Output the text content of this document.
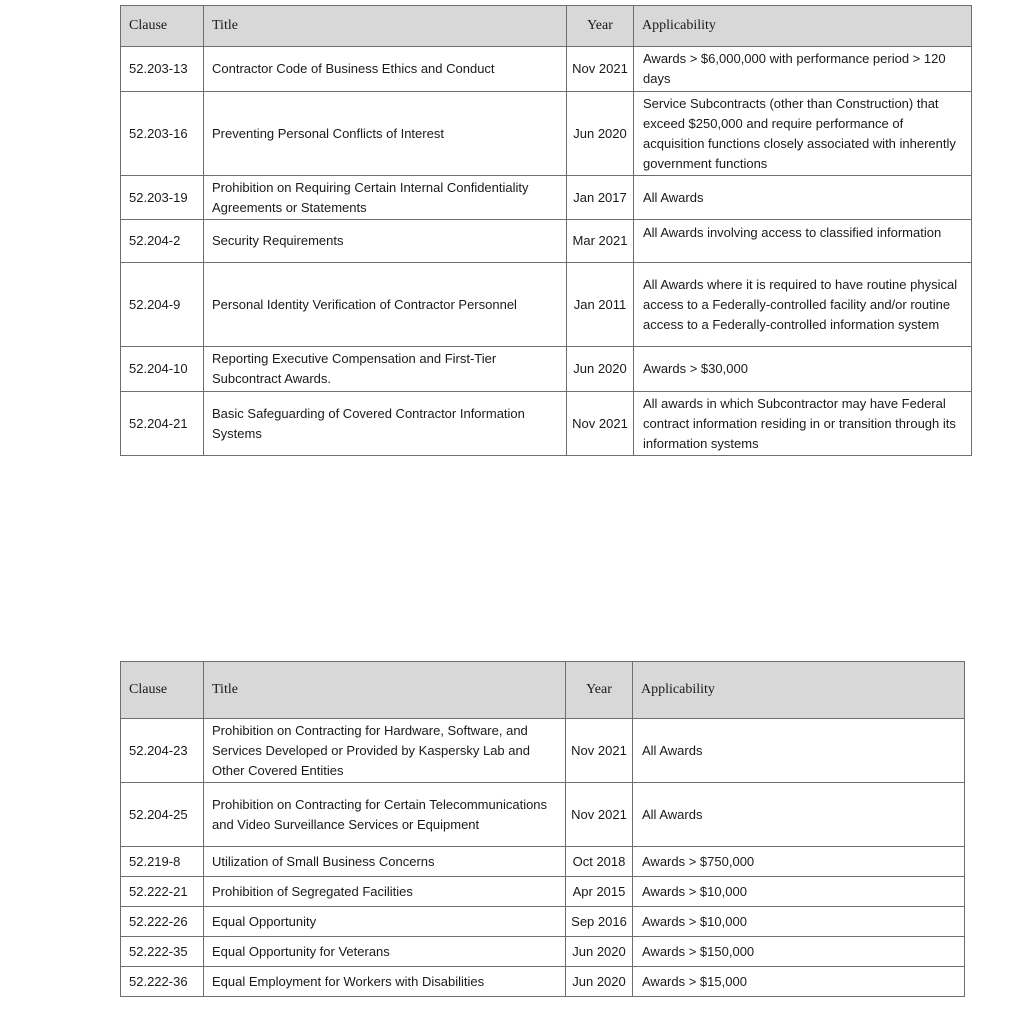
Clause	Title	Year	Applicability
52.203-13	Contractor Code of Business Ethics and Conduct	Nov 2021	Awards > $6,000,000 with performance period > 120 days
52.203-16	Preventing Personal Conflicts of Interest	Jun 2020	Service Subcontracts (other than Construction) that exceed $250,000 and require performance of acquisition functions closely associated with inherently government functions
52.203-19	Prohibition on Requiring Certain Internal Confidentiality Agreements or Statements	Jan 2017	All Awards
52.204-2	Security Requirements	Mar 2021	All Awards involving access to classified information
52.204-9	Personal Identity Verification of Contractor Personnel	Jan 2011	All Awards where it is required to have routine physical access to a Federally-controlled facility and/or routine access to a Federally-controlled information system
52.204-10	Reporting Executive Compensation and First-Tier Subcontract Awards.	Jun 2020	Awards > $30,000
52.204-21	Basic Safeguarding of Covered Contractor Information Systems	Nov 2021	All awards in which Subcontractor may have Federal contract information residing in or transition through its information systems
Clause	Title	Year	Applicability
52.204-23	Prohibition on Contracting for Hardware, Software, and Services Developed or Provided by Kaspersky Lab and Other Covered Entities	Nov 2021	All Awards
52.204-25	Prohibition on Contracting for Certain Telecommunications and Video Surveillance Services or Equipment	Nov 2021	All Awards
52.219-8	Utilization of Small Business Concerns	Oct 2018	Awards > $750,000
52.222-21	Prohibition of Segregated Facilities	Apr 2015	Awards > $10,000
52.222-26	Equal Opportunity	Sep 2016	Awards > $10,000
52.222-35	Equal Opportunity for Veterans	Jun 2020	Awards > $150,000
52.222-36	Equal Employment for Workers with Disabilities	Jun 2020	Awards > $15,000
